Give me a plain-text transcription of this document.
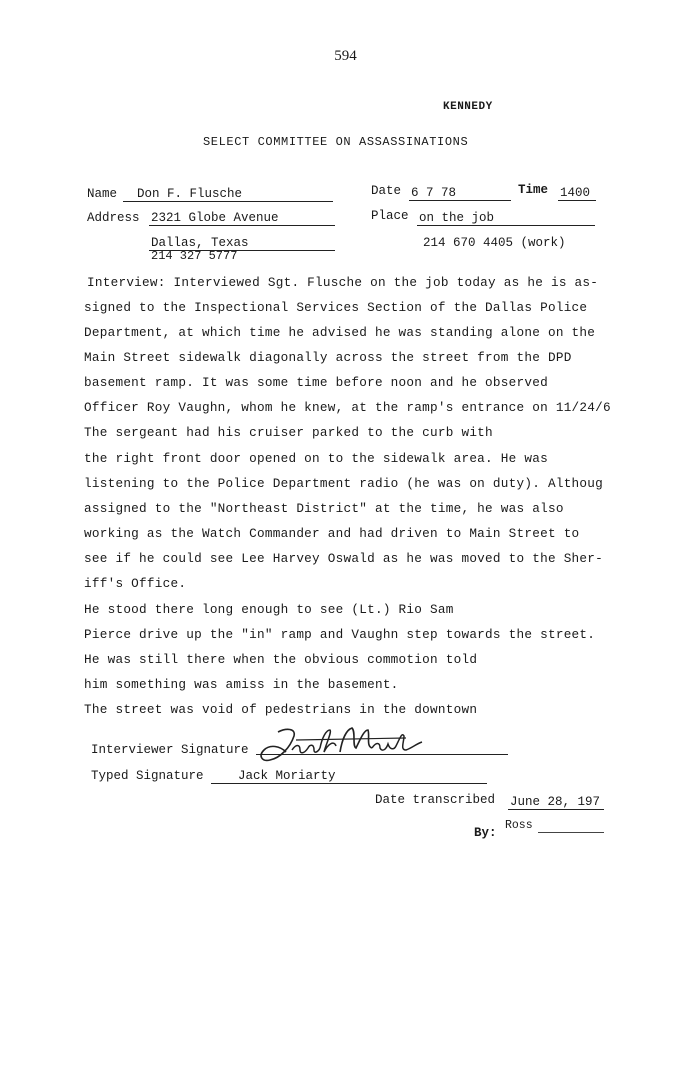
594
KENNEDY
SELECT COMMITTEE ON ASSASSINATIONS
Name Don F. Flusche	Date 6 7 78	Time 1400
Address 2321 Globe Avenue	Place on the job
Dallas, Texas
214 327 5777
214 670 4405 (work)
Interview: Interviewed Sgt. Flusche on the job today as he is as-
signed to the Inspectional Services Section of the Dallas Police
Department, at which time he advised he was standing alone on the
Main Street sidewalk diagonally across the street from the DPD
basement ramp. It was some time before noon and he observed
Officer Roy Vaughn, whom he knew, at the ramp's entrance on 11/24/6
The sergeant had his cruiser parked to the curb with
the right front door opened on to the sidewalk area. He was
listening to the Police Department radio (he was on duty). Althoug
assigned to the "Northeast District" at the time, he was also
working as the Watch Commander and had driven to Main Street to
see if he could see Lee Harvey Oswald as he was moved to the Sher-
iff's Office.
He stood there long enough to see (Lt.) Rio Sam
Pierce drive up the "in" ramp and Vaughn step towards the street.
He was still there when the obvious commotion told
him something was amiss in the basement.
The street was void of pedestrians in the downtown
Interviewer Signature
Typed Signature	Jack Moriarty
Date transcribed June 28, 197
By:
Ross
